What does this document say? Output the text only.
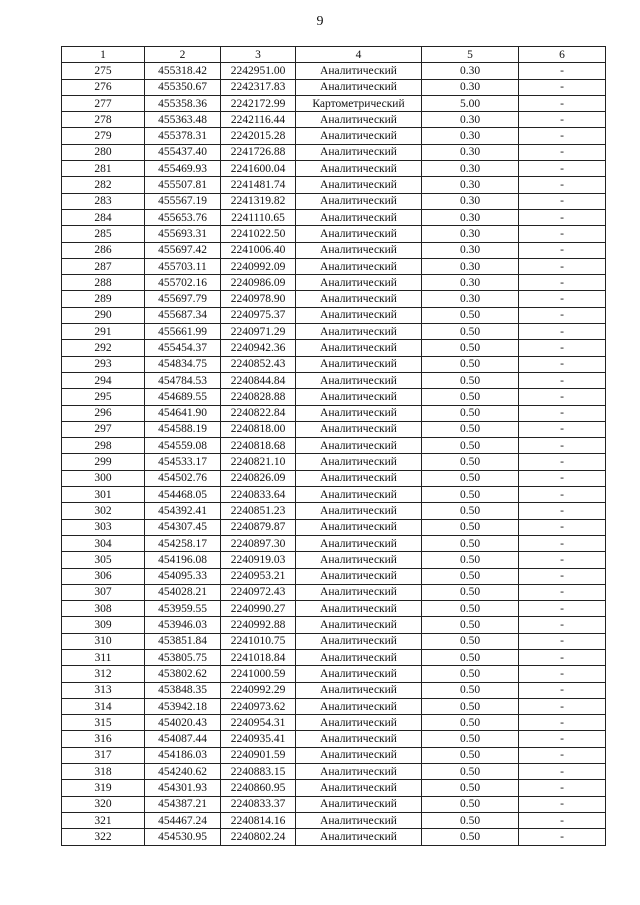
9
1	2	3	4	5	6
275	455318.42	2242951.00	Аналитический	0.30	-
276	455350.67	2242317.83	Аналитический	0.30	-
277	455358.36	2242172.99	Картометрический	5.00	-
278	455363.48	2242116.44	Аналитический	0.30	-
279	455378.31	2242015.28	Аналитический	0.30	-
280	455437.40	2241726.88	Аналитический	0.30	-
281	455469.93	2241600.04	Аналитический	0.30	-
282	455507.81	2241481.74	Аналитический	0.30	-
283	455567.19	2241319.82	Аналитический	0.30	-
284	455653.76	2241110.65	Аналитический	0.30	-
285	455693.31	2241022.50	Аналитический	0.30	-
286	455697.42	2241006.40	Аналитический	0.30	-
287	455703.11	2240992.09	Аналитический	0.30	-
288	455702.16	2240986.09	Аналитический	0.30	-
289	455697.79	2240978.90	Аналитический	0.30	-
290	455687.34	2240975.37	Аналитический	0.50	-
291	455661.99	2240971.29	Аналитический	0.50	-
292	455454.37	2240942.36	Аналитический	0.50	-
293	454834.75	2240852.43	Аналитический	0.50	-
294	454784.53	2240844.84	Аналитический	0.50	-
295	454689.55	2240828.88	Аналитический	0.50	-
296	454641.90	2240822.84	Аналитический	0.50	-
297	454588.19	2240818.00	Аналитический	0.50	-
298	454559.08	2240818.68	Аналитический	0.50	-
299	454533.17	2240821.10	Аналитический	0.50	-
300	454502.76	2240826.09	Аналитический	0.50	-
301	454468.05	2240833.64	Аналитический	0.50	-
302	454392.41	2240851.23	Аналитический	0.50	-
303	454307.45	2240879.87	Аналитический	0.50	-
304	454258.17	2240897.30	Аналитический	0.50	-
305	454196.08	2240919.03	Аналитический	0.50	-
306	454095.33	2240953.21	Аналитический	0.50	-
307	454028.21	2240972.43	Аналитический	0.50	-
308	453959.55	2240990.27	Аналитический	0.50	-
309	453946.03	2240992.88	Аналитический	0.50	-
310	453851.84	2241010.75	Аналитический	0.50	-
311	453805.75	2241018.84	Аналитический	0.50	-
312	453802.62	2241000.59	Аналитический	0.50	-
313	453848.35	2240992.29	Аналитический	0.50	-
314	453942.18	2240973.62	Аналитический	0.50	-
315	454020.43	2240954.31	Аналитический	0.50	-
316	454087.44	2240935.41	Аналитический	0.50	-
317	454186.03	2240901.59	Аналитический	0.50	-
318	454240.62	2240883.15	Аналитический	0.50	-
319	454301.93	2240860.95	Аналитический	0.50	-
320	454387.21	2240833.37	Аналитический	0.50	-
321	454467.24	2240814.16	Аналитический	0.50	-
322	454530.95	2240802.24	Аналитический	0.50	-
